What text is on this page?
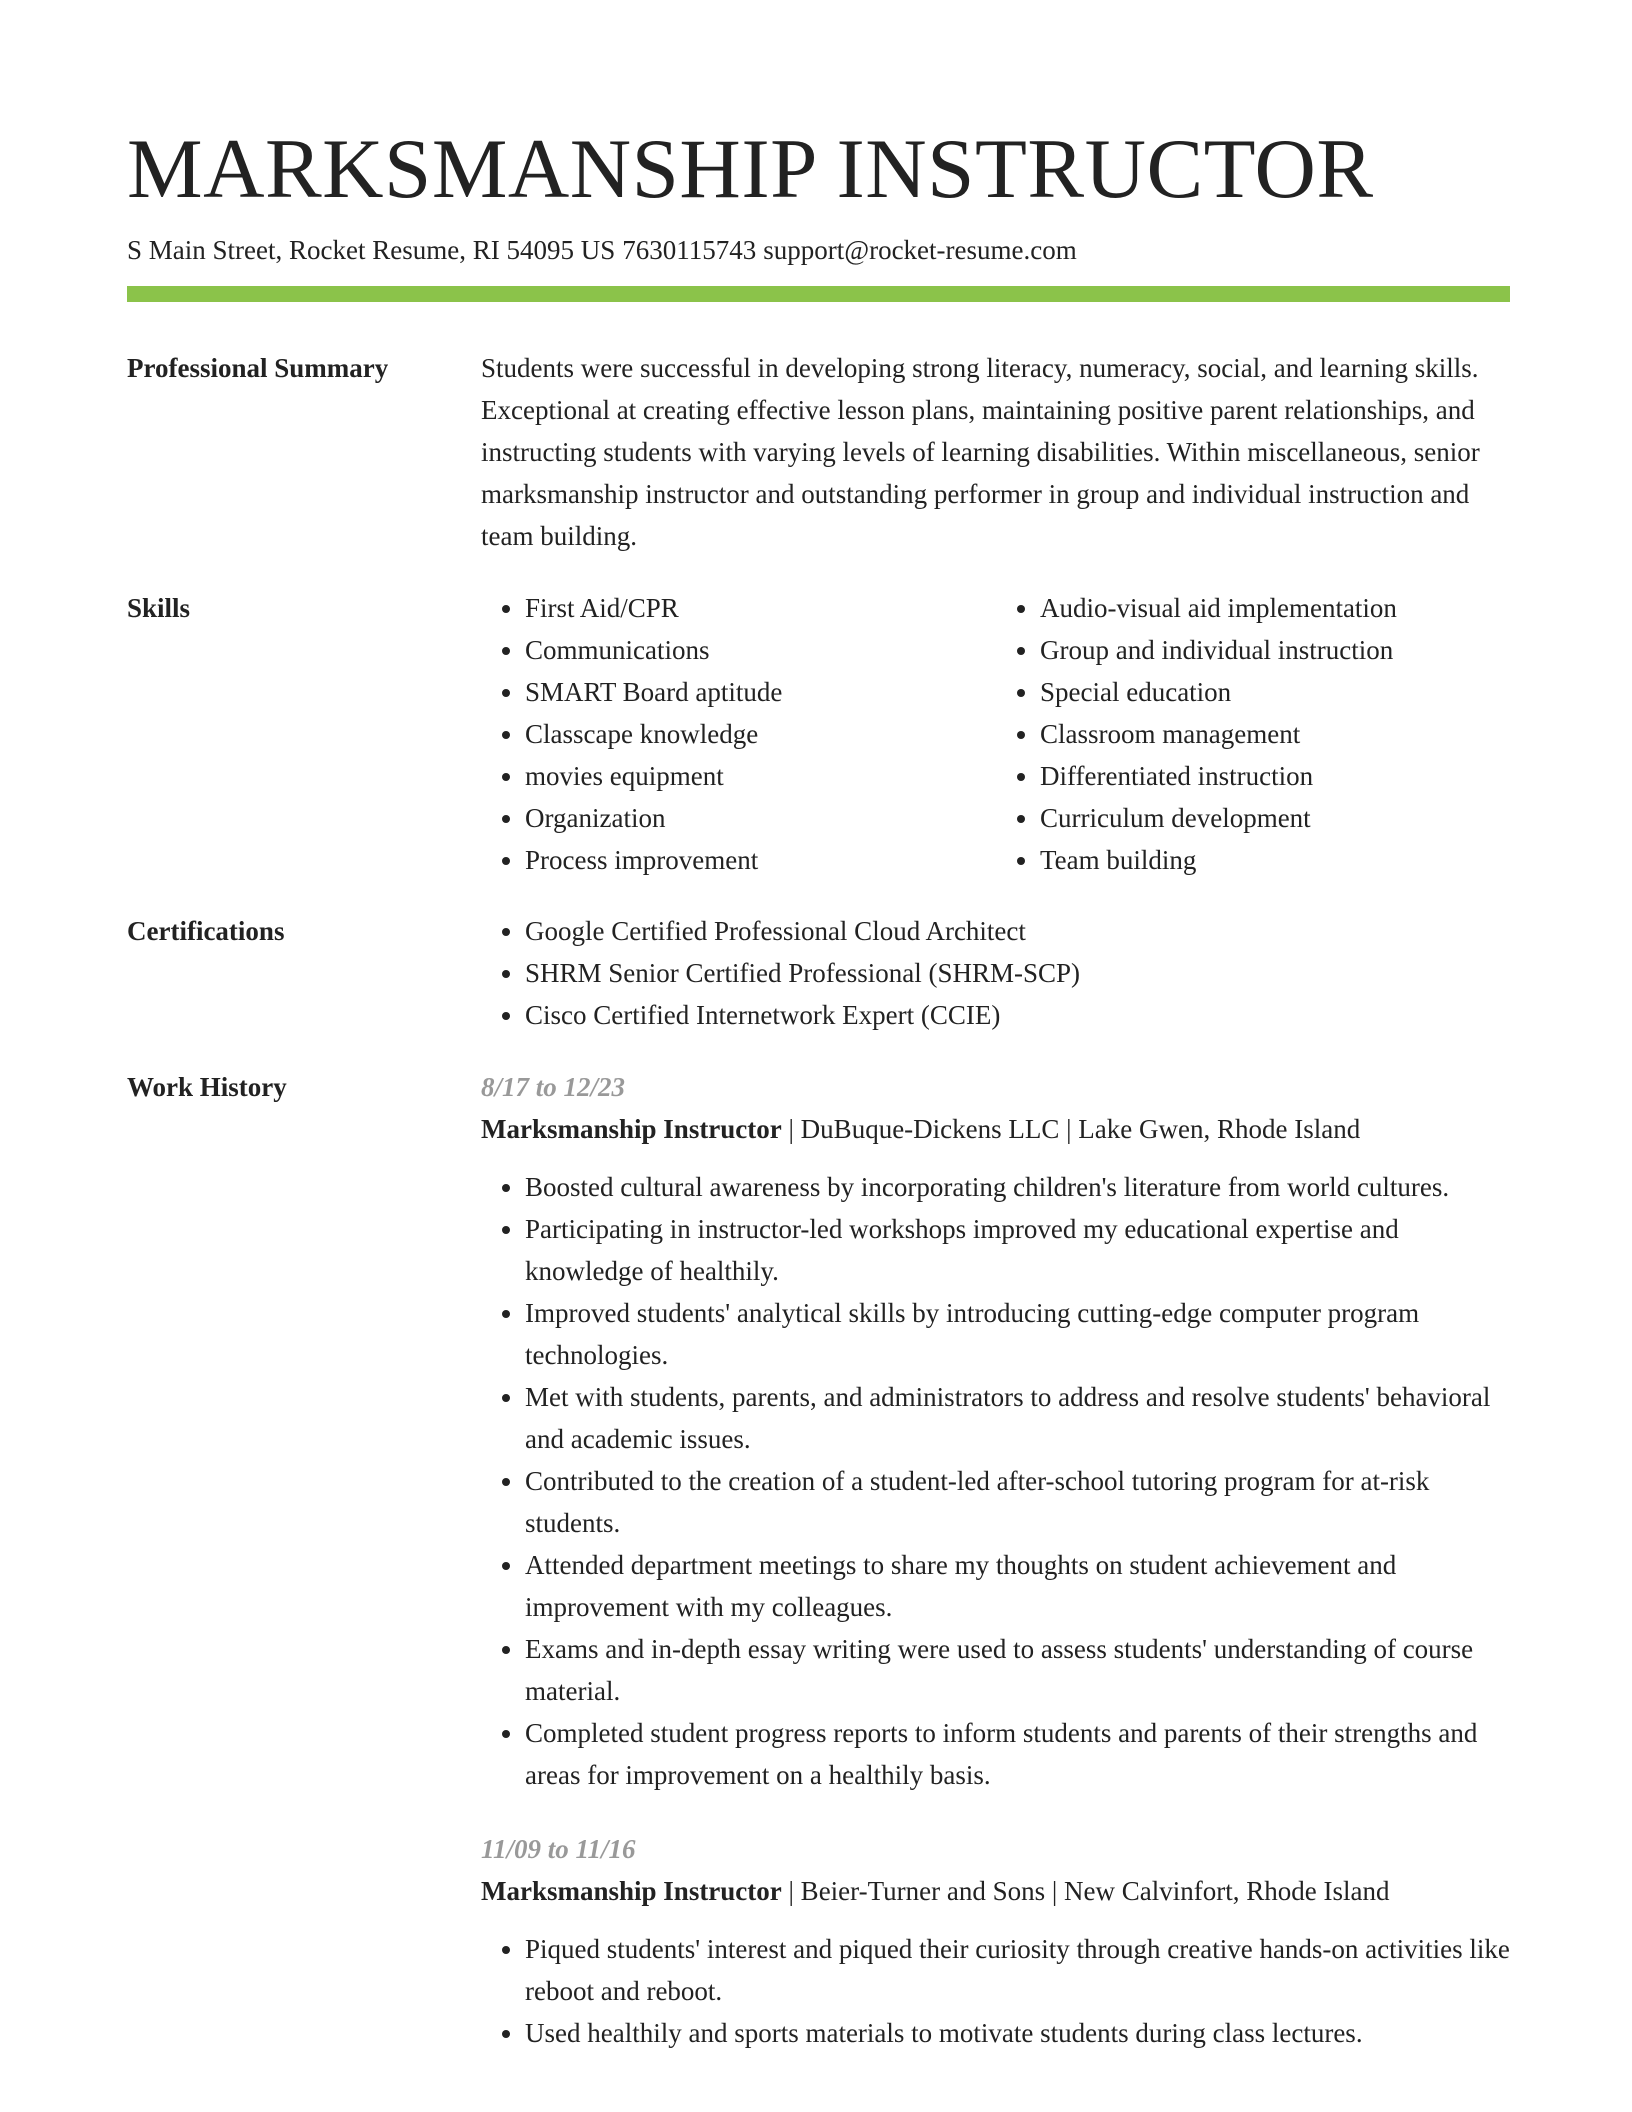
MARKSMANSHIP INSTRUCTOR
S Main Street, Rocket Resume, RI 54095 US 7630115743 support@rocket-resume.com
Professional Summary	Students were successful in developing strong literacy, numeracy, social, and learning skills. Exceptional at creating effective lesson plans, maintaining positive parent relationships, and instructing students with varying levels of learning disabilities. Within miscellaneous, senior marksmanship instructor and outstanding performer in group and individual instruction and team building.

Skills	• First Aid/CPR
• Communications
• SMART Board aptitude
• Classcape knowledge
• movies equipment
• Organization
• Process improvement
• Audio-visual aid implementation
• Group and individual instruction
• Special education
• Classroom management
• Differentiated instruction
• Curriculum development
• Team building
Certifications	• Google Certified Professional Cloud Architect
• SHRM Senior Certified Professional (SHRM-SCP)
• Cisco Certified Internetwork Expert (CCIE)
Work History	8/17 to 12/23

Marksmanship Instructor | DuBuque-Dickens LLC | Lake Gwen, Rhode Island

• Boosted cultural awareness by incorporating children's literature from world cultures.
• Participating in instructor-led workshops improved my educational expertise and knowledge of healthily.
• Improved students' analytical skills by introducing cutting-edge computer program technologies.
• Met with students, parents, and administrators to address and resolve students' behavioral and academic issues.
• Contributed to the creation of a student-led after-school tutoring program for at-risk students.
• Attended department meetings to share my thoughts on student achievement and improvement with my colleagues.
• Exams and in-depth essay writing were used to assess students' understanding of course material.
• Completed student progress reports to inform students and parents of their strengths and areas for improvement on a healthily basis.

11/09 to 11/16

Marksmanship Instructor | Beier-Turner and Sons | New Calvinfort, Rhode Island

• Piqued students' interest and piqued their curiosity through creative hands-on activities like reboot and reboot.
• Used healthily and sports materials to motivate students during class lectures.
